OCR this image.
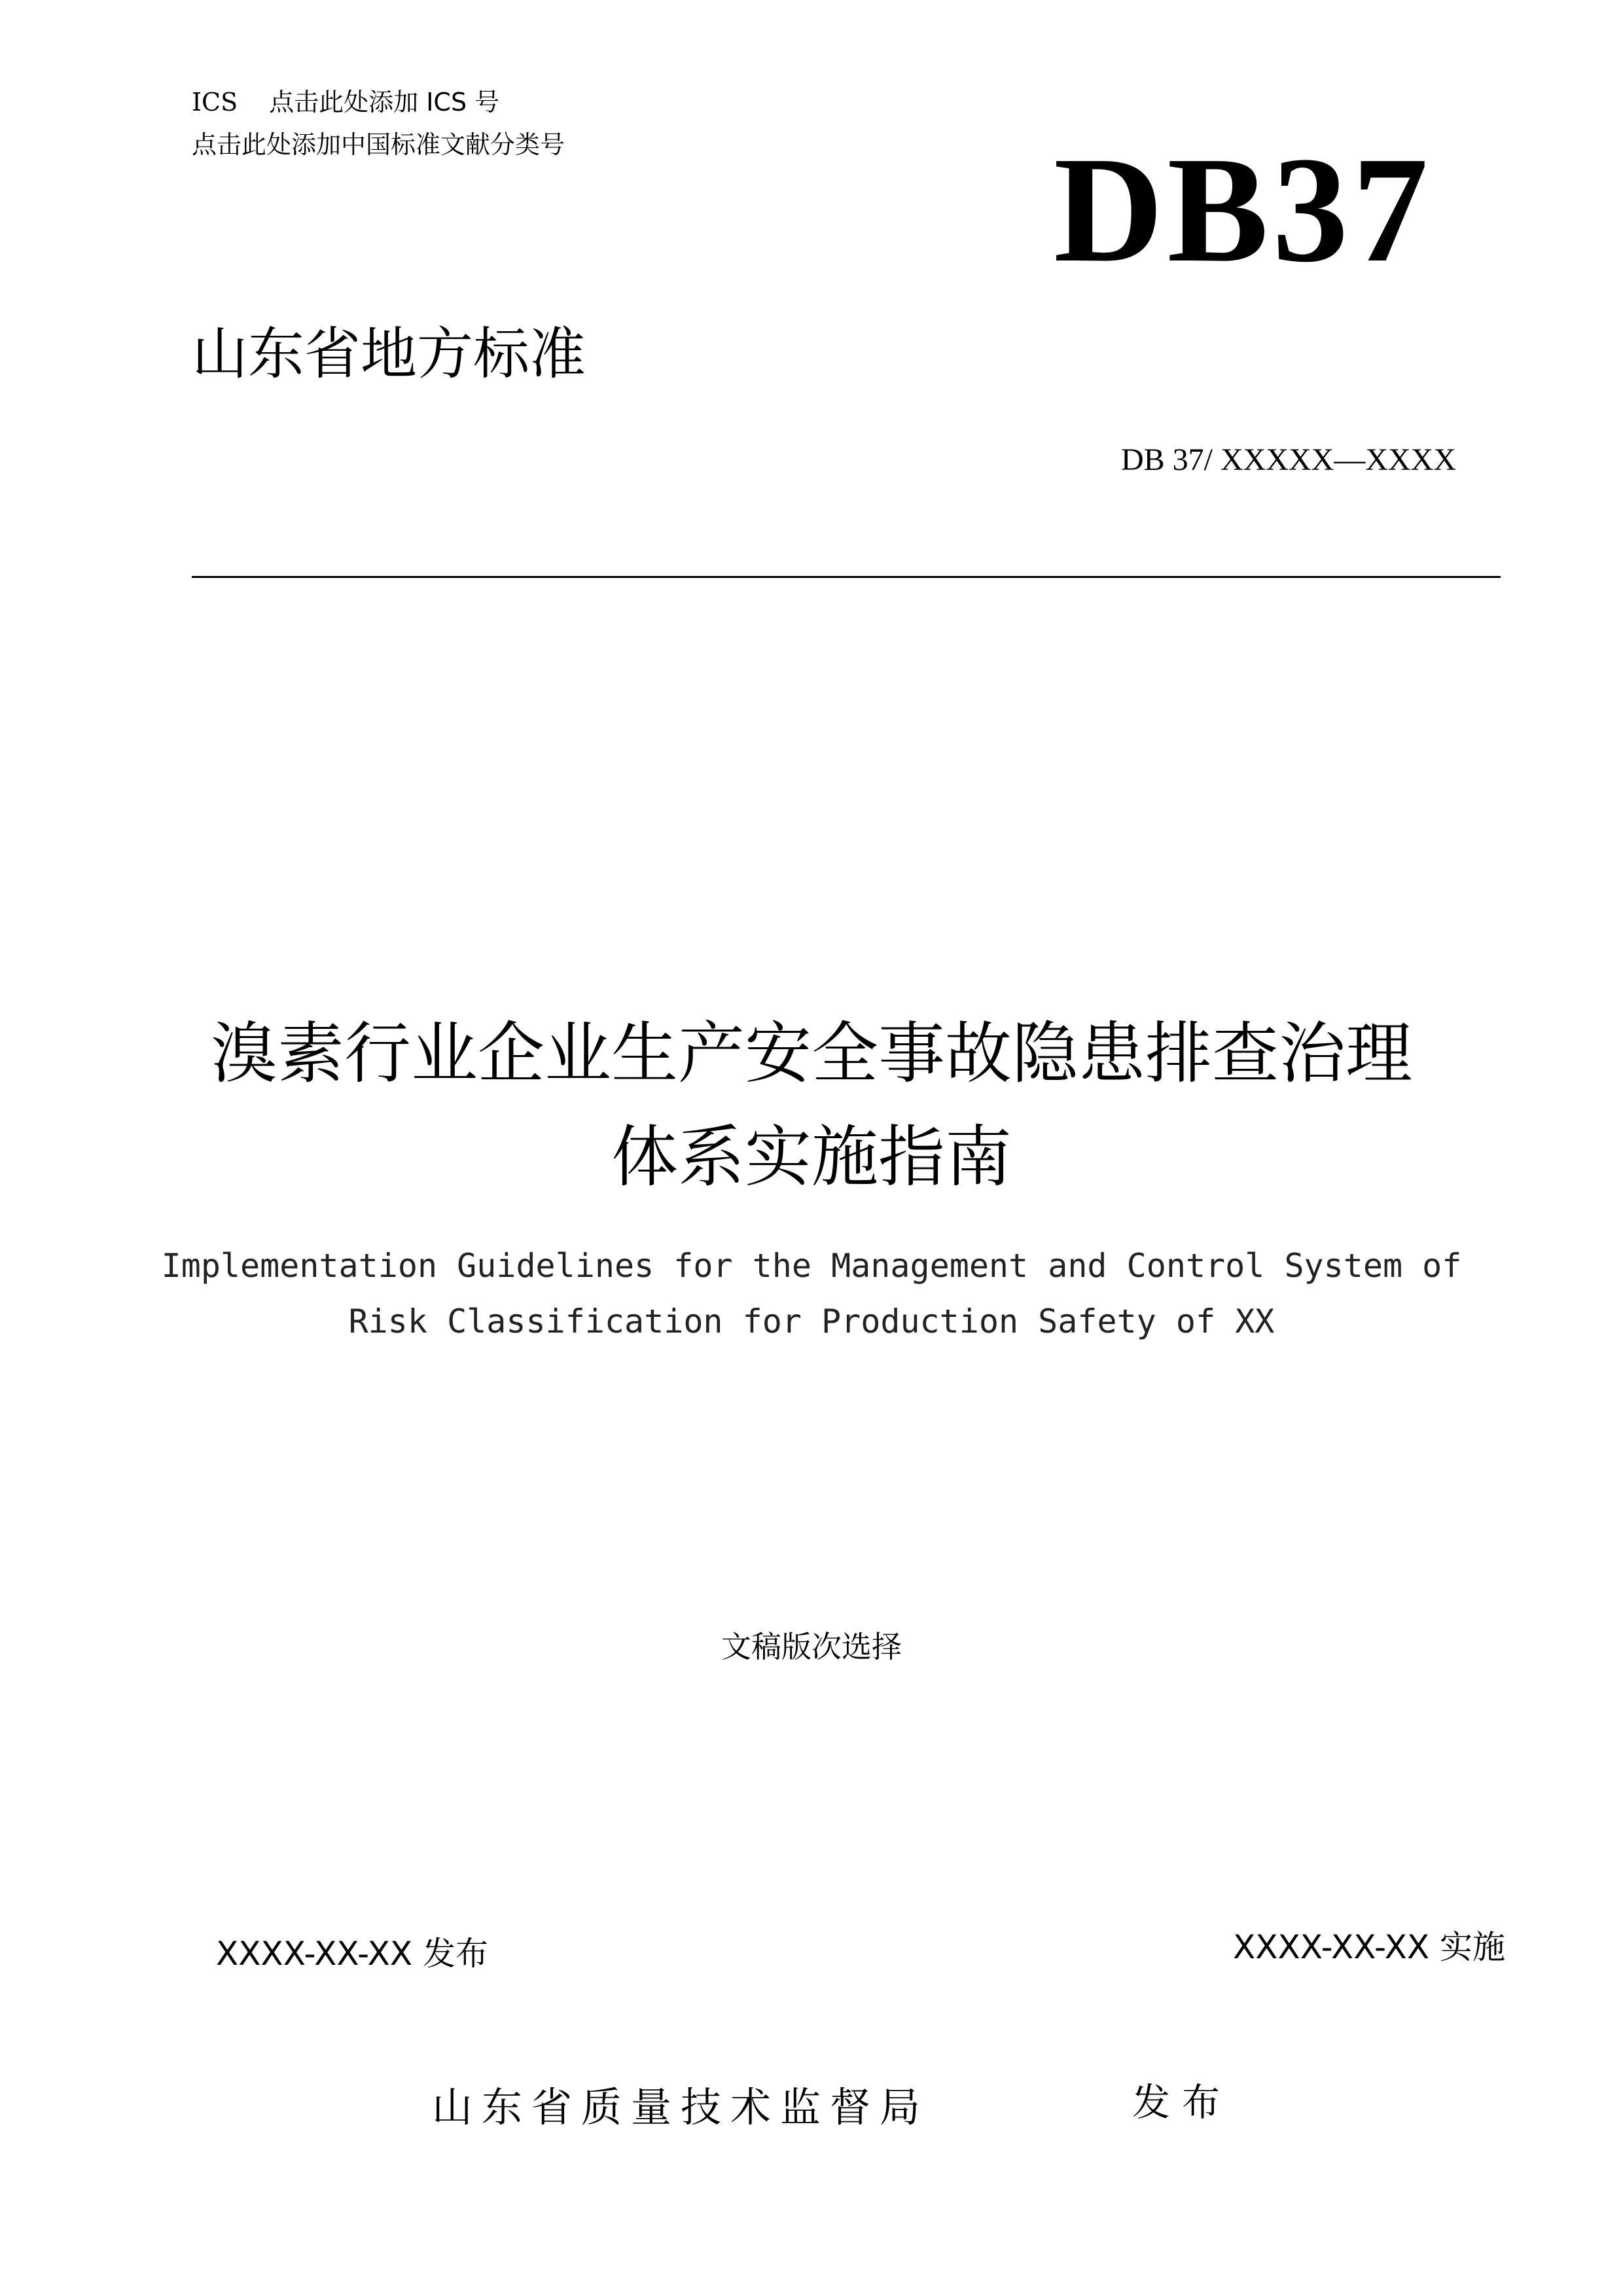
ICS 点击此处添加 ICS 号
点击此处添加中国标准文献分类号	DB37
山东省地方标准
DB 37/ XXXXX—XXXX
溴素行业企业生产安全事故隐患排查治理
体系实施指南
Implementation Guidelines for the Management and Control System of
Risk Classification for Production Safety of XX
文稿版次选择
XXXX-XX-XX 发布	XXXX-XX-XX 实施
山东省质量技术监督局	发布
